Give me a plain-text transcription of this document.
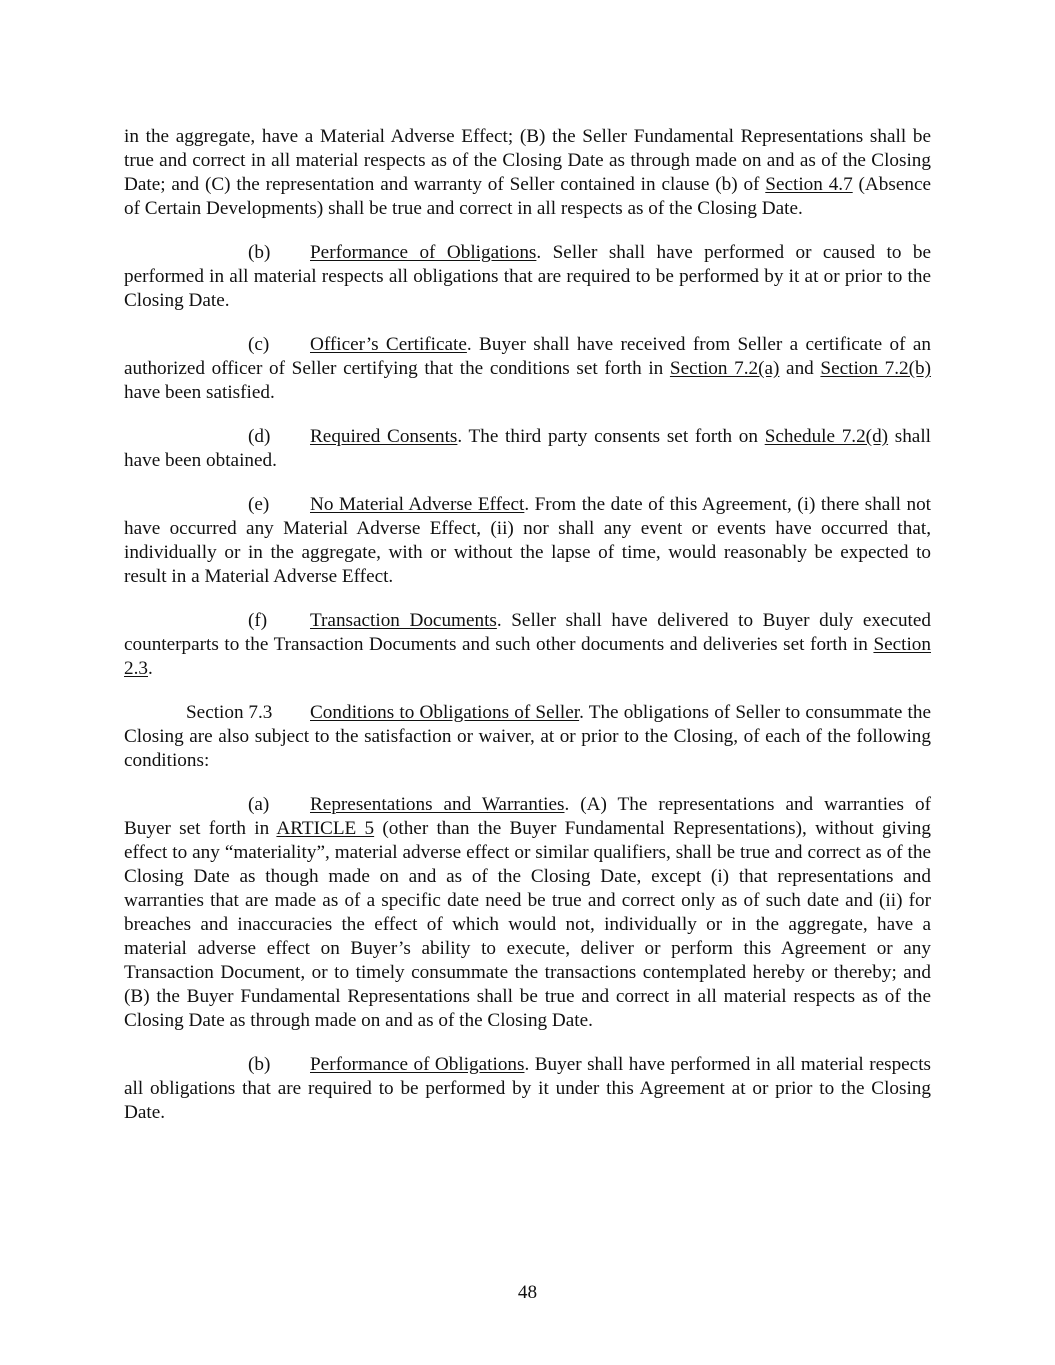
in the aggregate, have a Material Adverse Effect; (B) the Seller Fundamental Representations shall be true and correct in all material respects as of the Closing Date as through made on and as of the Closing Date; and (C) the representation and warranty of Seller contained in clause (b) of Section 4.7 (Absence of Certain Developments) shall be true and correct in all respects as of the Closing Date.

(b) Performance of Obligations. Seller shall have performed or caused to be performed in all material respects all obligations that are required to be performed by it at or prior to the Closing Date.

(c) Officer’s Certificate. Buyer shall have received from Seller a certificate of an authorized officer of Seller certifying that the conditions set forth in Section 7.2(a) and Section 7.2(b) have been satisfied.

(d) Required Consents. The third party consents set forth on Schedule 7.2(d) shall have been obtained.

(e) No Material Adverse Effect. From the date of this Agreement, (i) there shall not have occurred any Material Adverse Effect, (ii) nor shall any event or events have occurred that, individually or in the aggregate, with or without the lapse of time, would reasonably be expected to result in a Material Adverse Effect.

(f) Transaction Documents. Seller shall have delivered to Buyer duly executed counterparts to the Transaction Documents and such other documents and deliveries set forth in Section 2.3.

Section 7.3 Conditions to Obligations of Seller. The obligations of Seller to consummate the Closing are also subject to the satisfaction or waiver, at or prior to the Closing, of each of the following conditions:

(a) Representations and Warranties. (A) The representations and warranties of Buyer set forth in ARTICLE 5 (other than the Buyer Fundamental Representations), without giving effect to any “materiality”, material adverse effect or similar qualifiers, shall be true and correct as of the Closing Date as though made on and as of the Closing Date, except (i) that representations and warranties that are made as of a specific date need be true and correct only as of such date and (ii) for breaches and inaccuracies the effect of which would not, individually or in the aggregate, have a material adverse effect on Buyer’s ability to execute, deliver or perform this Agreement or any Transaction Document, or to timely consummate the transactions contemplated hereby or thereby; and (B) the Buyer Fundamental Representations shall be true and correct in all material respects as of the Closing Date as through made on and as of the Closing Date.

(b) Performance of Obligations. Buyer shall have performed in all material respects all obligations that are required to be performed by it under this Agreement at or prior to the Closing Date.

48
